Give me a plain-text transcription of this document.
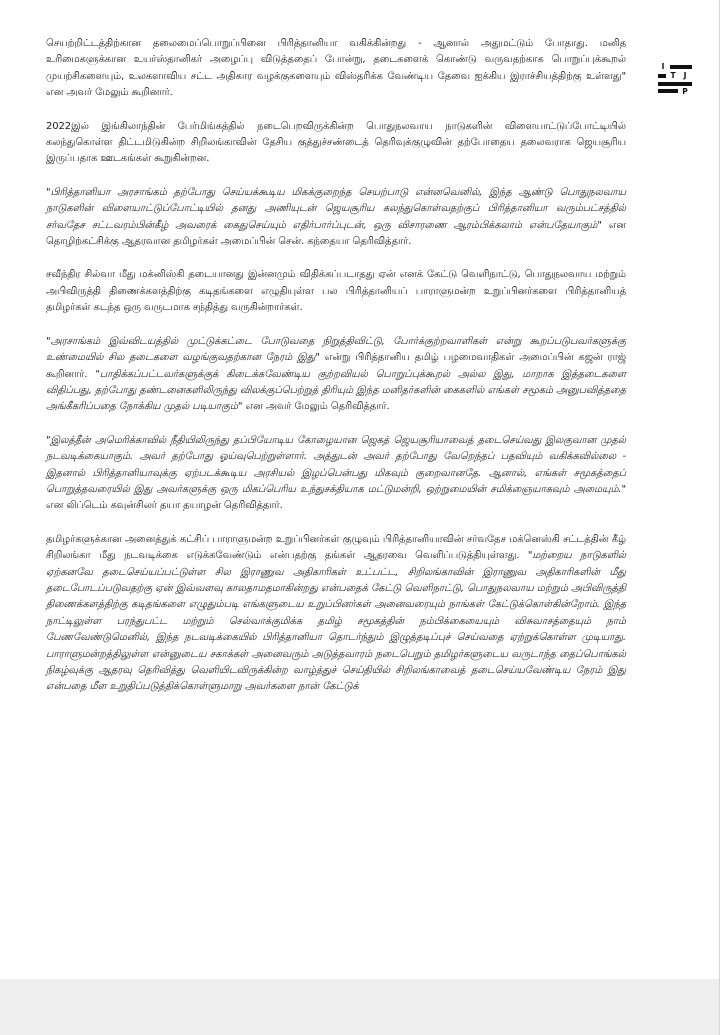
I
T	J
P

செயற்றிட்டத்திற்கான தலைமைப்பொறுப்பினை பிரித்தானியா வகிக்கின்றது - ஆனால் அதுமட்டும் போதாது. மனித உரிமைகளுக்கான உயர்ஸ்தானிகர் அழைப்பு விடுத்ததைப் போன்று, தடைகளைக் கொண்டு வருவதற்காக பொறுப்புக்கூறல் முயற்சிகளையும், உலகளாவிய சட்ட அதிகார வழக்குகளையும் விஸ்தரிக்க வேண்டிய தேவை ஐக்கிய இராச்சியத்திற்கு உள்ளது" என அவர் மேலும் கூறினார்.

2022இல் இங்கிலாந்தின் பேர்மிங்கத்தில் நடைபெறவிருக்கின்ற பொதுநலவாய நாடுகளின் விளையாட்டுப்போட்டியில் கலந்துகொள்ள திட்டமிடுகின்ற சிறிலங்காவின் தேசிய குத்துச்சண்டைத் தெரிவுக்குழுவின் தற்போதைய தலைவராக ஜெயசூரிய இருப்பதாக ஊடகங்கள் கூறுகின்றன.

"பிரித்தானியா அரசாங்கம் தற்போது செய்யக்கூடிய மிகக்குறைந்த செயற்பாடு என்னவெனில், இந்த ஆண்டு பொதுநலவாய நாடுகளின் விளையாட்டுப்போட்டியில் தனது அணியுடன் ஜெயசூரிய கலந்துகொள்வதற்குப் பிரித்தானியா வரும்பட்சத்தில் சர்வதேச சட்டவரம்பின்கீழ் அவரைக் கைதுசெய்யும் எதிர்பார்ப்புடன், ஒரு விசாரணை ஆரம்பிக்கலாம் என்பதேயாகும்" என தொழிற்கட்சிக்கு ஆதரவான தமிழர்கள் அமைப்பின் சென். கந்தையா தெரிவித்தார்.

சவீந்திர சில்வா மீது மக்னிஸ்கி தடையானது இன்னமும் விதிக்கப்படாதது ஏன் எனக் கேட்டு வெளிநாட்டு, பொதுநலவாய மற்றும் அபிவிருத்தி திணைக்களத்திற்கு கடிதங்களை எழுதியுள்ள பல பிரித்தானியப் பாராளுமன்ற உறுப்பினர்களை பிரித்தானியத் தமிழர்கள் கடந்த ஒரு வருடமாக சந்தித்து வருகின்றார்கள்.

"அரசாங்கம் இவ்விடயத்தில் முட்டுக்கட்டை போடுவதை நிறுத்திவிட்டு, போர்க்குற்றவாளிகள் என்று கூறப்படுபவர்களுக்கு உண்மையில் சில தடைகளை வழங்குவதற்கான நேரம் இது" என்று பிரித்தானிய தமிழ் பழமைவாதிகள் அமைப்பின் கஜன் ராஜ் கூறினார். "பாதிக்கப்பட்டவர்களுக்குக் கிடைக்கவேண்டிய குற்றவியல் பொறுப்புக்கூறல் அல்ல இது, மாறாக இத்தடைகளை விதிப்பது, தற்போது தண்டனைகளிலிருந்து விலக்குப்பெற்றுத் திரியும் இந்த மனிதர்களின் கைகளில் எங்கள் சமூகம் அனுபவித்ததை அங்கீகரிப்பதை நோக்கிய முதல் படியாகும்" என அவர் மேலும் தெரிவித்தார்.

"இலத்தீன் அமெரிக்காவில் நீதியிலிருந்து தப்பியோடிய கோழையான ஜெகத் ஜெயசூரியாவைத் தடைசெய்வது இலகுவான முதல் நடவடிக்கையாகும். அவர் தற்போது ஓய்வுபெற்றுள்ளார். அத்துடன் அவர் தற்போது வேறெந்தப் பதவியும் வகிக்கவில்லை - இதனால் பிரித்தானியாவுக்கு ஏற்படக்கூடிய அரசியல் இழப்பென்பது மிகவும் குறைவானதே. ஆனால், எங்கள் சமூகத்தைப் பொறுத்தவரையில் இது அவர்களுக்கு ஒரு மிகப்பெரிய உந்துசக்தியாக மட்டுமன்றி, ஒற்றுமையின் சமிக்ஞையாகவும் அமையும்." என லிப்டெம் கவுன்சிலர் தயா தயாழன் தெரிவித்தார்.

தமிழர்களுக்கான அனைத்துக் கட்சிப் பாராளுமன்ற உறுப்பினர்கள் குழுவும் பிரித்தானியாவின் சர்வதேச மக்னெஸ்கி சட்டத்தின் கீழ் சிறிலங்கா மீது நடவடிக்கை எடுக்கவேண்டும் என்பதற்கு தங்கள் ஆதரவை வெளிப்படுத்தியுள்ளது. "மற்றைய நாடுகளில் ஏற்கனவே தடைசெய்யப்பட்டுள்ள சில இராணுவ அதிகாரிகள் உட்பட்ட, சிறிலங்காவின் இராணுவ அதிகாரிகளின் மீது தடைபோடப்படுவதற்கு ஏன் இவ்வளவு காலதாமதமாகின்றது என்பதைக் கேட்டு வெளிநாட்டு, பொதுநலவாய மற்றும் அபிவிருத்தி திணைக்களத்திற்கு கடிதங்களை எழுதும்படி எங்களுடைய உறுப்பினர்கள் அனைவரையும் நாங்கள் கேட்டுக்கொள்கின்றோம். இந்த நாட்டிலுள்ள பரந்துபட்ட மற்றும் செல்வாக்குமிக்க தமிழ் சமூகத்தின் நம்பிக்கையையும் விசுவாசத்தையும் நாம் பேணவேண்டுமெனில், இந்த நடவடிக்கையில் பிரித்தானியா தொடர்ந்தும் இழுத்தடிப்புச் செய்வதை ஏற்றுக்கொள்ள முடியாது. பாராளுமன்றத்திலுள்ள என்னுடைய சகாக்கள் அனைவரும் அடுத்தவாரம் நடைபெறும் தமிழர்களுடைய வருடாந்த தைப்பொங்கல் நிகழ்வுக்கு ஆதரவு தெரிவித்து வெளியிடவிருக்கின்ற வாழ்த்துச் செய்தியில் சிறிலங்காவைத் தடைசெய்யவேண்டிய நேரம் இது என்பதை மீள உறுதிப்படுத்திக்கொள்ளுமாறு அவர்களை நான் கேட்டுக்
